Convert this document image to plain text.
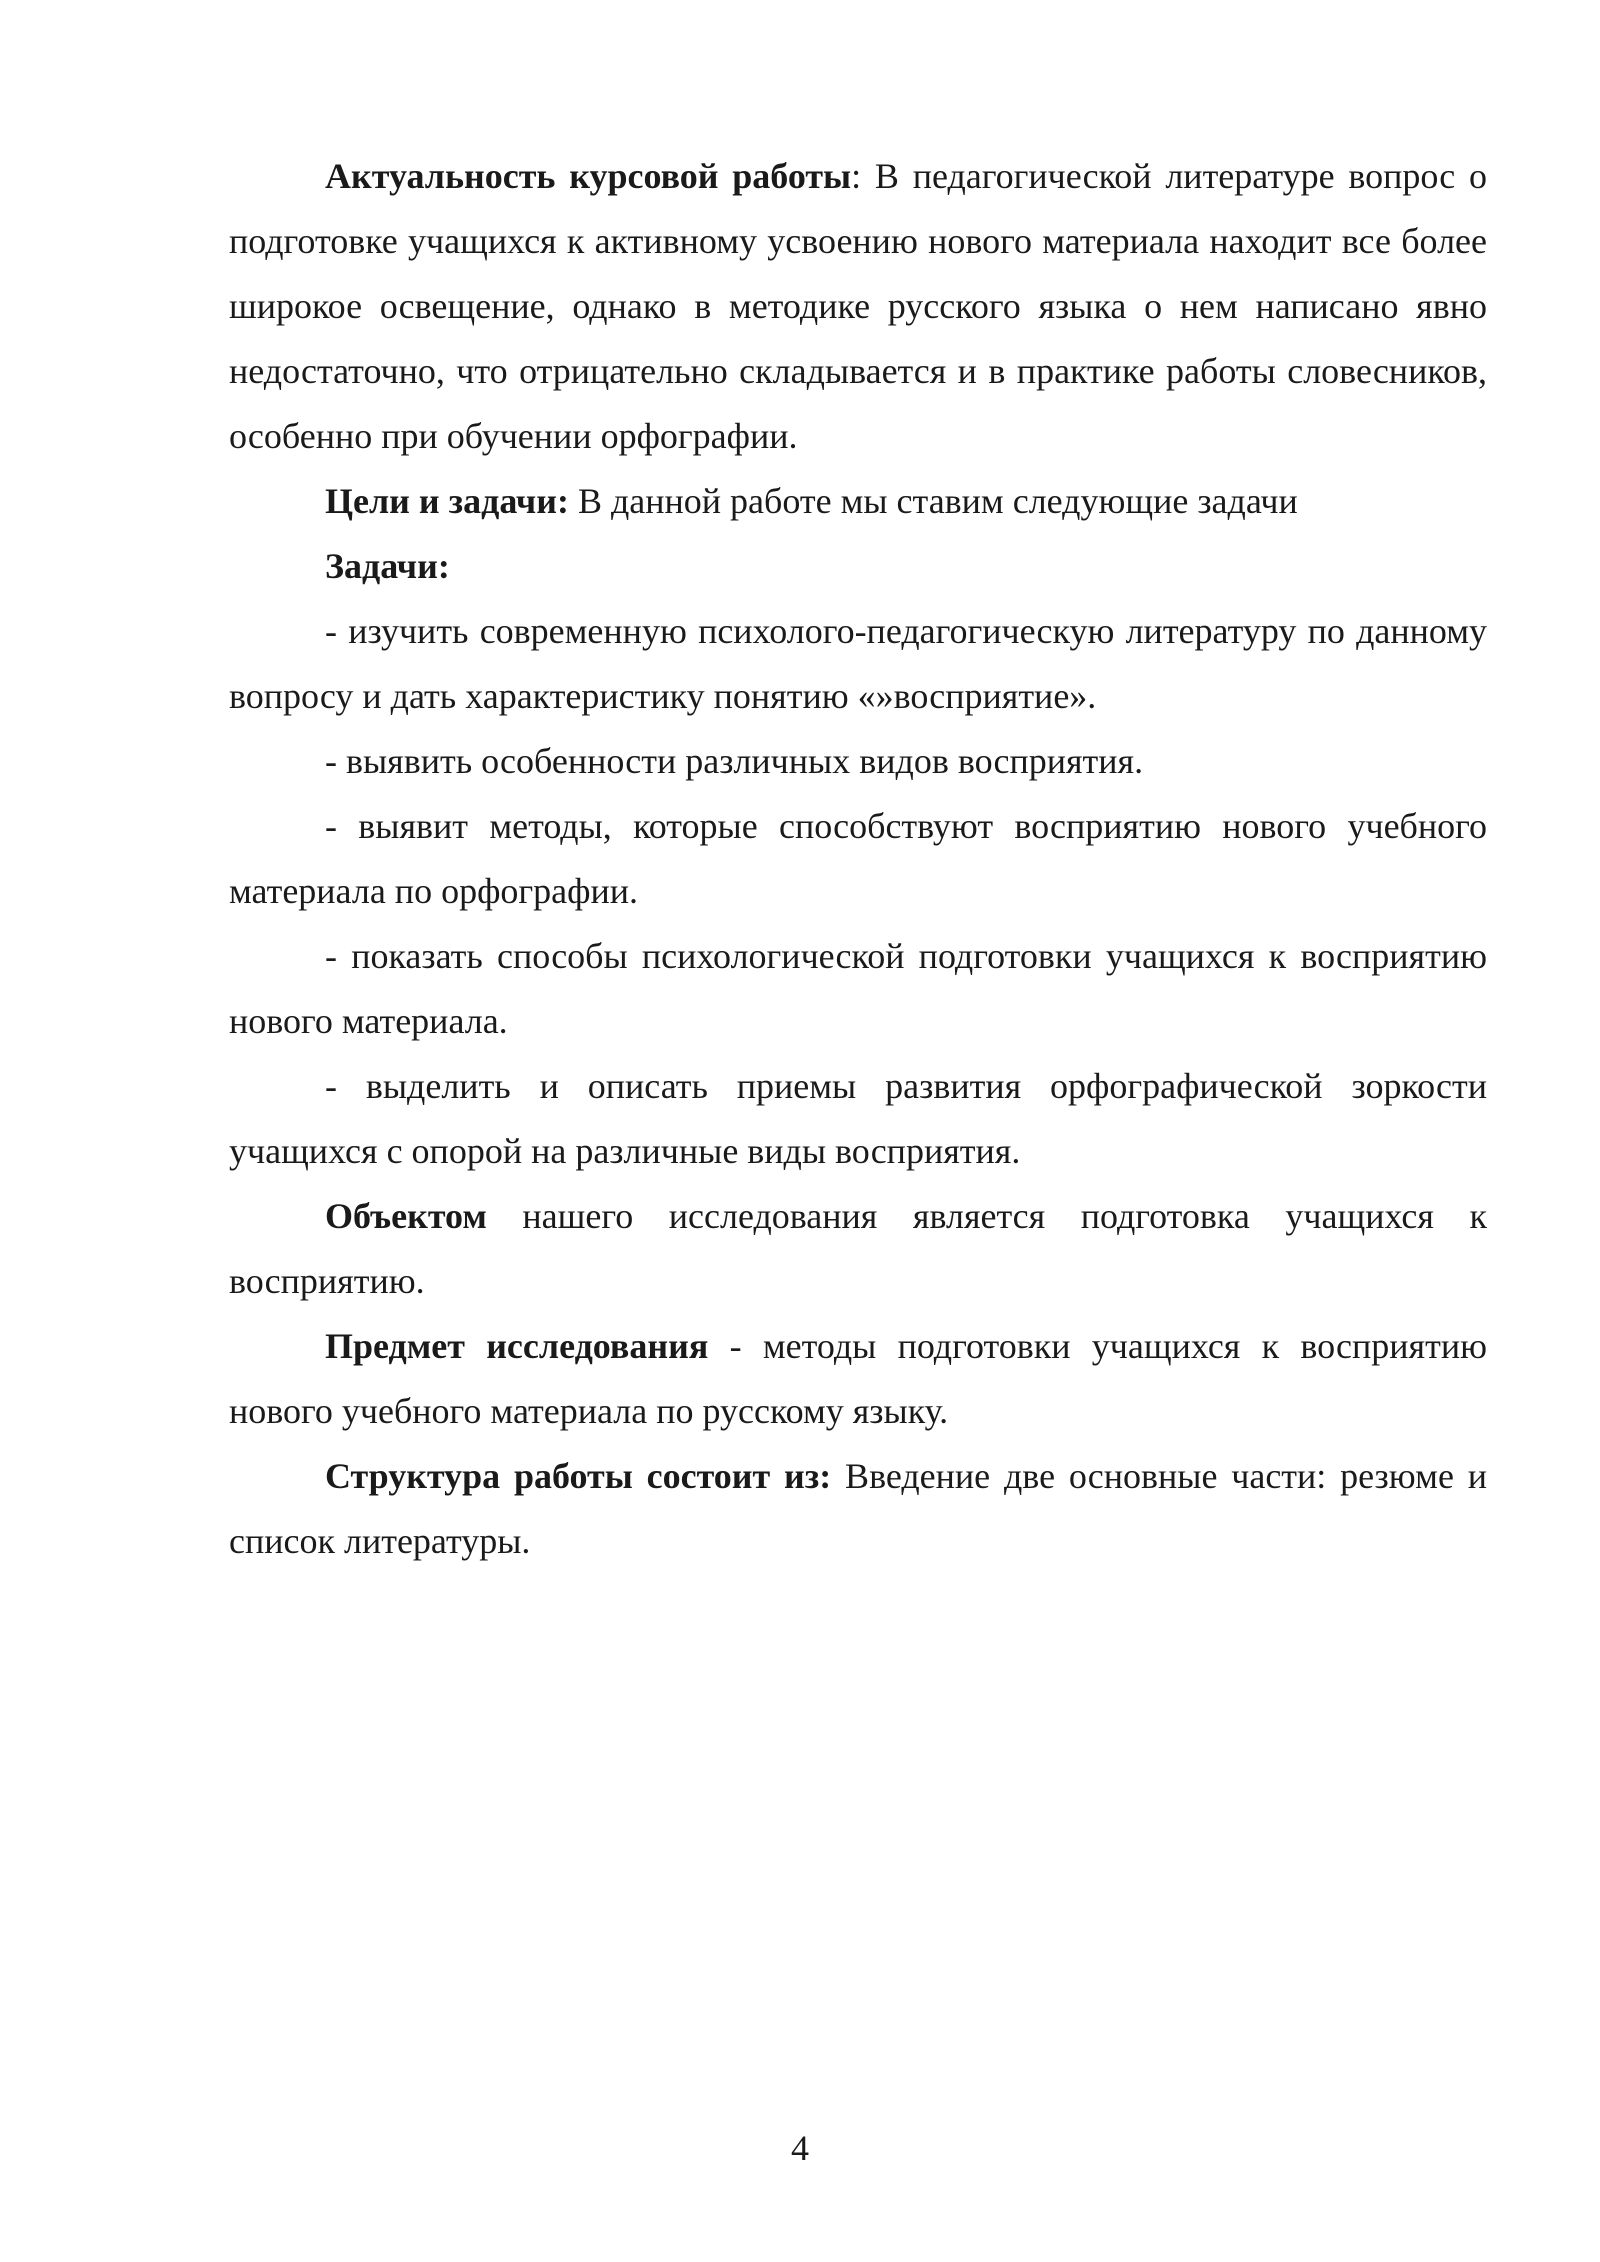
Актуальность курсовой работы: В педагогической литературе вопрос о подготовке учащихся к активному усвоению нового материала находит все более широкое освещение, однако в методике русского языка о нем написано явно недостаточно, что отрицательно складывается и в практике работы словесников, особенно при обучении орфографии.

Цели и задачи: В данной работе мы ставим следующие задачи

Задачи:

- изучить современную психолого-педагогическую литературу по данному вопросу и дать характеристику понятию «»восприятие».

- выявить особенности различных видов восприятия.

- выявит методы, которые способствуют восприятию нового учебного материала по орфографии.

- показать способы психологической подготовки учащихся к восприятию нового материала.

- выделить и описать приемы развития орфографической зоркости учащихся с опорой на различные виды восприятия.

Объектом нашего исследования является подготовка учащихся к восприятию.

Предмет исследования - методы подготовки учащихся к восприятию нового учебного материала по русскому языку.

Структура работы состоит из: Введение две основные части: резюме и список литературы.

4
